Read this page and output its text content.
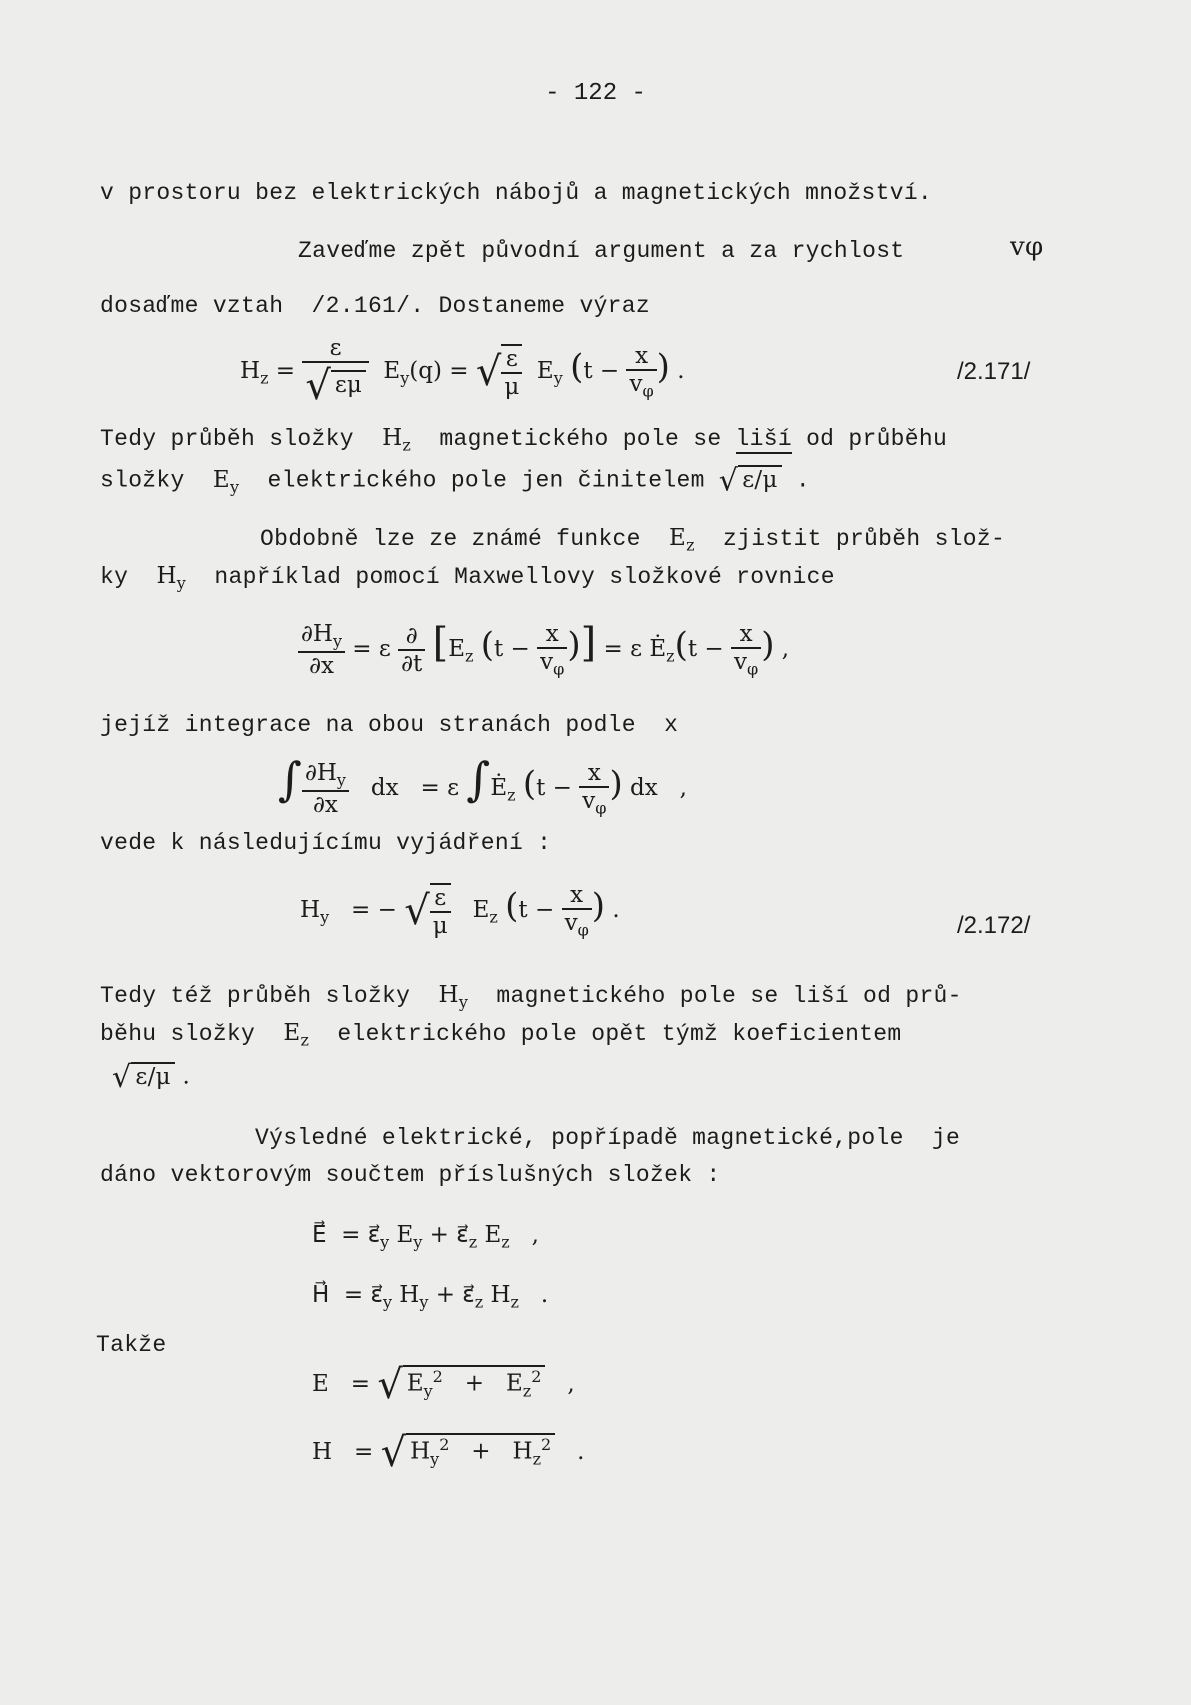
- 122 -
v prostoru bez elektrických nábojů a magnetických množství.
Zaveďme zpět původní argument a za rychlost	vφ
dosaďme vztah  /2.161/. Dostaneme výraz
$H_z = \frac{\varepsilon}{√ \varepsilon\mu} E_y(q)$ = √ $\frac{\varepsilon}{\mu} E_y$ ($t - \frac{x}{v_\varphi}$ ) .	/2.171/
Tedy průběh složky $H_z$ magnetického pole se liší od průběhu
složky $E_y$ elektrického pole jen činitelem √ ε/μ .
Obdobně lze ze známé funkce $E_z$ zjistit průběh slož-
ky $H_y$ například pomocí Maxwellovy složkové rovnice
$\frac{\partial H_y}{\partial x} = \varepsilon \frac{\partial}{\partial t} [E_z$ ($t - \frac{x}{v_\varphi}$ )] = ε $Ė_z(t - \frac{x}{v_\varphi}$ ) ,
jejíž integrace na obou stranách podle x
∫ $\frac{\partial H_y}{\partial x}$ dx   = ε $\int Ė_z$ ($t - \frac{x}{v_\varphi}$ ) dx   ,
vede k následujícímu vyjádření :
$H_y$   = − √ $\frac{\varepsilon}{\mu} E_z$ ($t - \frac{x}{v_\varphi}$ ) .
/2.172/
Tedy též průběh složky $H_y$ magnetického pole se liší od prů-
běhu složky $E_z$ elektrického pole opět týmž koeficientem
√ ε/μ .
Výsledné elektrické, popřípadě magnetické,pole  je
dáno vektorovým součtem příslušných složek :
E⃗  = $\varepsilon⃗_y$ $E_y$ + $\varepsilon⃗_z$ $E_z$   ,
H⃗  = $\varepsilon⃗_y$ $H_y$ + $\varepsilon⃗_z$ $H_z$   .
Takže
E   = √ $E_y^2 + E_z^2$   ,
H   = √ $H_y^2 + H_z^2$   .
